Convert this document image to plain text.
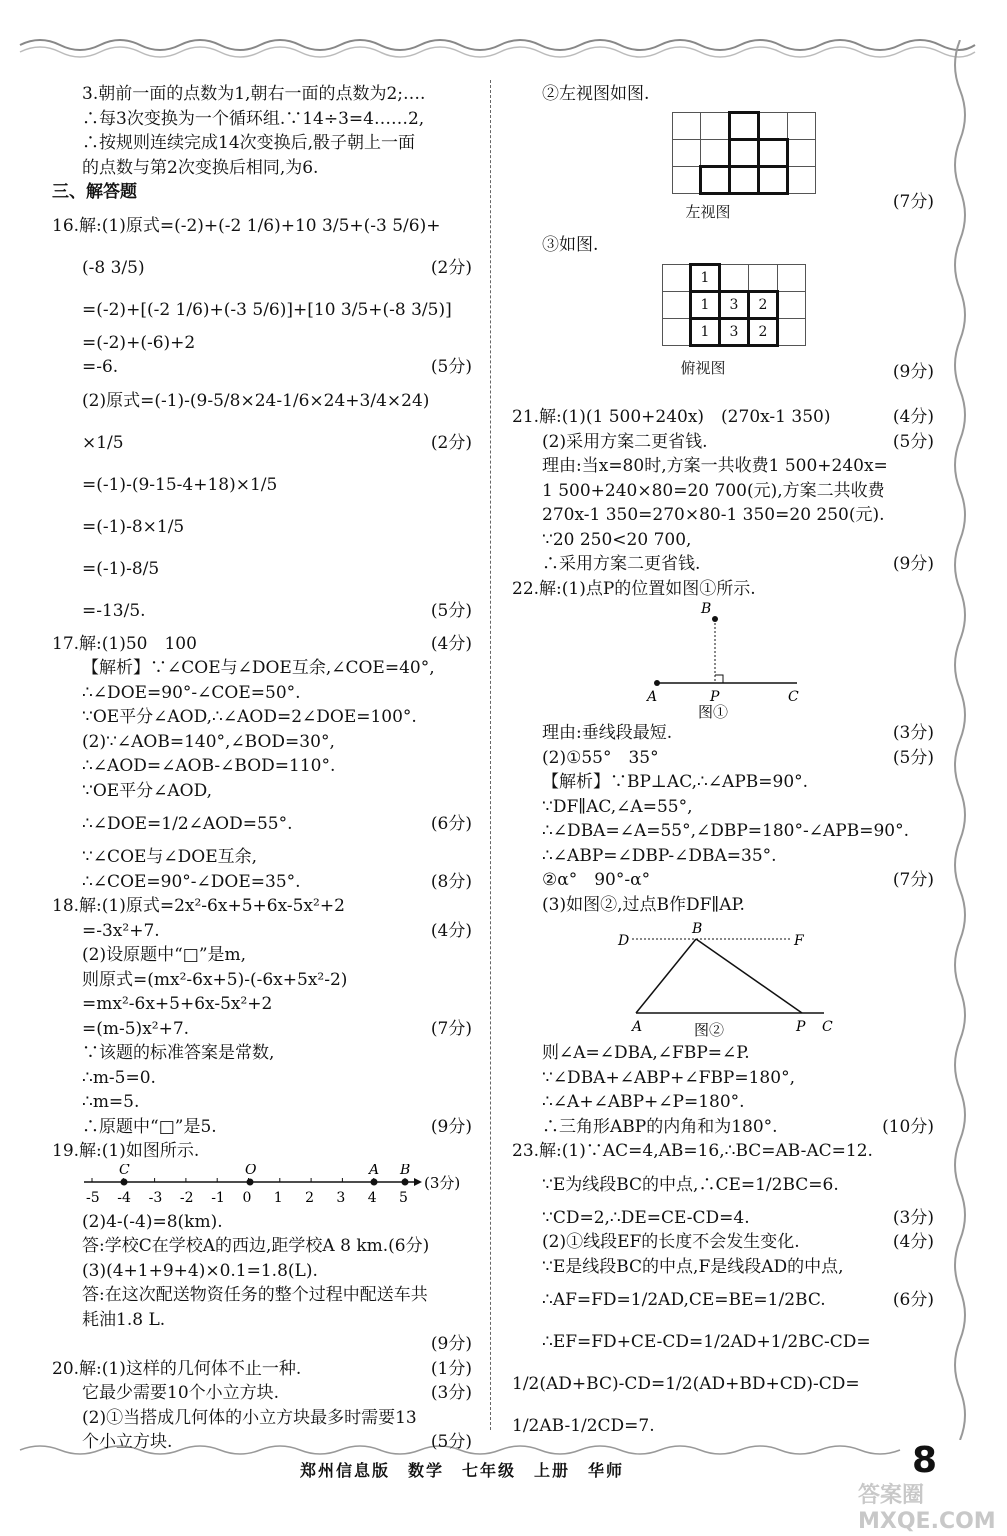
3.朝前一面的点数为1,朝右一面的点数为2;….
∴每3次变换为一个循环组.∵14÷3=4……2,
∴按规则连续完成14次变换后,骰子朝上一面
的点数与第2次变换后相同,为6.
三、解答题
16.解:(1)原式=(-2)+(-2 1/6)+10 3/5+(-3 5/6)+
(-8 3/5)	(2分)
=(-2)+[(-2 1/6)+(-3 5/6)]+[10 3/5+(-8 3/5)]
=(-2)+(-6)+2
=-6.	(5分)
(2)原式=(-1)-(9-5/8×24-1/6×24+3/4×24)
×1/5	(2分)
=(-1)-(9-15-4+18)×1/5
=(-1)-8×1/5
=(-1)-8/5
=-13/5.	(5分)
17.解:(1)50　100	(4分)
【解析】∵∠COE与∠DOE互余,∠COE=40°,
∴∠DOE=90°-∠COE=50°.
∵OE平分∠AOD,∴∠AOD=2∠DOE=100°.
(2)∵∠AOB=140°,∠BOD=30°,
∴∠AOD=∠AOB-∠BOD=110°.
∵OE平分∠AOD,
∴∠DOE=1/2∠AOD=55°.	(6分)
∵∠COE与∠DOE互余,
∴∠COE=90°-∠DOE=35°.	(8分)
18.解:(1)原式=2x²-6x+5+6x-5x²+2
=-3x²+7.	(4分)
(2)设原题中“□”是m,
则原式=(mx²-6x+5)-(-6x+5x²-2)
=mx²-6x+5+6x-5x²+2
=(m-5)x²+7.	(7分)
∵该题的标准答案是常数,
∴m-5=0.
∴m=5.
∴原题中“□”是5.	(9分)
19.解:(1)如图所示.
-5 -4 -3 -2 -1 0 1 2 3 4 5
C	O	A B
(3分)
(2)4-(-4)=8(km).
答:学校C在学校A的西边,距学校A 8 km.(6分)
(3)(4+1+9+4)×0.1=1.8(L).
答:在这次配送物资任务的整个过程中配送车共
耗油1.8 L.
(9分)
20.解:(1)这样的几何体不止一种.	(1分)
它最少需要10个小立方块.	(3分)
(2)①当搭成几何体的小立方块最多时需要13
个小立方块.	(5分)
②左视图如图.

左视图	(7分)
③如图.
	1			
	1	3	2	
	1	3	2	
俯视图	(9分)
21.解:(1)(1 500+240x)　(270x-1 350)	(4分)
(2)采用方案二更省钱.	(5分)
理由:当x=80时,方案一共收费1 500+240x=
1 500+240×80=20 700(元),方案二共收费
270x-1 350=270×80-1 350=20 250(元).
∵20 250<20 700,
∴采用方案二更省钱.	(9分)
22.解:(1)点P的位置如图①所示.
B
A	P	C
图①
理由:垂线段最短.	(3分)
(2)①55°　35°	(5分)
【解析】∵BP⊥AC,∴∠APB=90°.
∵DF∥AC,∠A=55°,
∴∠DBA=∠A=55°,∠DBP=180°-∠APB=90°.
∴∠ABP=∠DBP-∠DBA=35°.
②α°　90°-α°	(7分)
(3)如图②,过点B作DF∥AP.
D
B
F
A	P C
图②
则∠A=∠DBA,∠FBP=∠P.
∵∠DBA+∠ABP+∠FBP=180°,
∴∠A+∠ABP+∠P=180°.
∴三角形ABP的内角和为180°.	(10分)
23.解:(1)∵AC=4,AB=16,∴BC=AB-AC=12.
∵E为线段BC的中点,∴CE=1/2BC=6.
∵CD=2,∴DE=CE-CD=4.	(3分)
(2)①线段EF的长度不会发生变化.	(4分)
∵E是线段BC的中点,F是线段AD的中点,
∴AF=FD=1/2AD,CE=BE=1/2BC.	(6分)
∴EF=FD+CE-CD=1/2AD+1/2BC-CD=
1/2(AD+BC)-CD=1/2(AD+BD+CD)-CD=
1/2AB-1/2CD=7.
郑州信息版　数学　七年级　上册　华师	8
答案圈 MXQE.COM
